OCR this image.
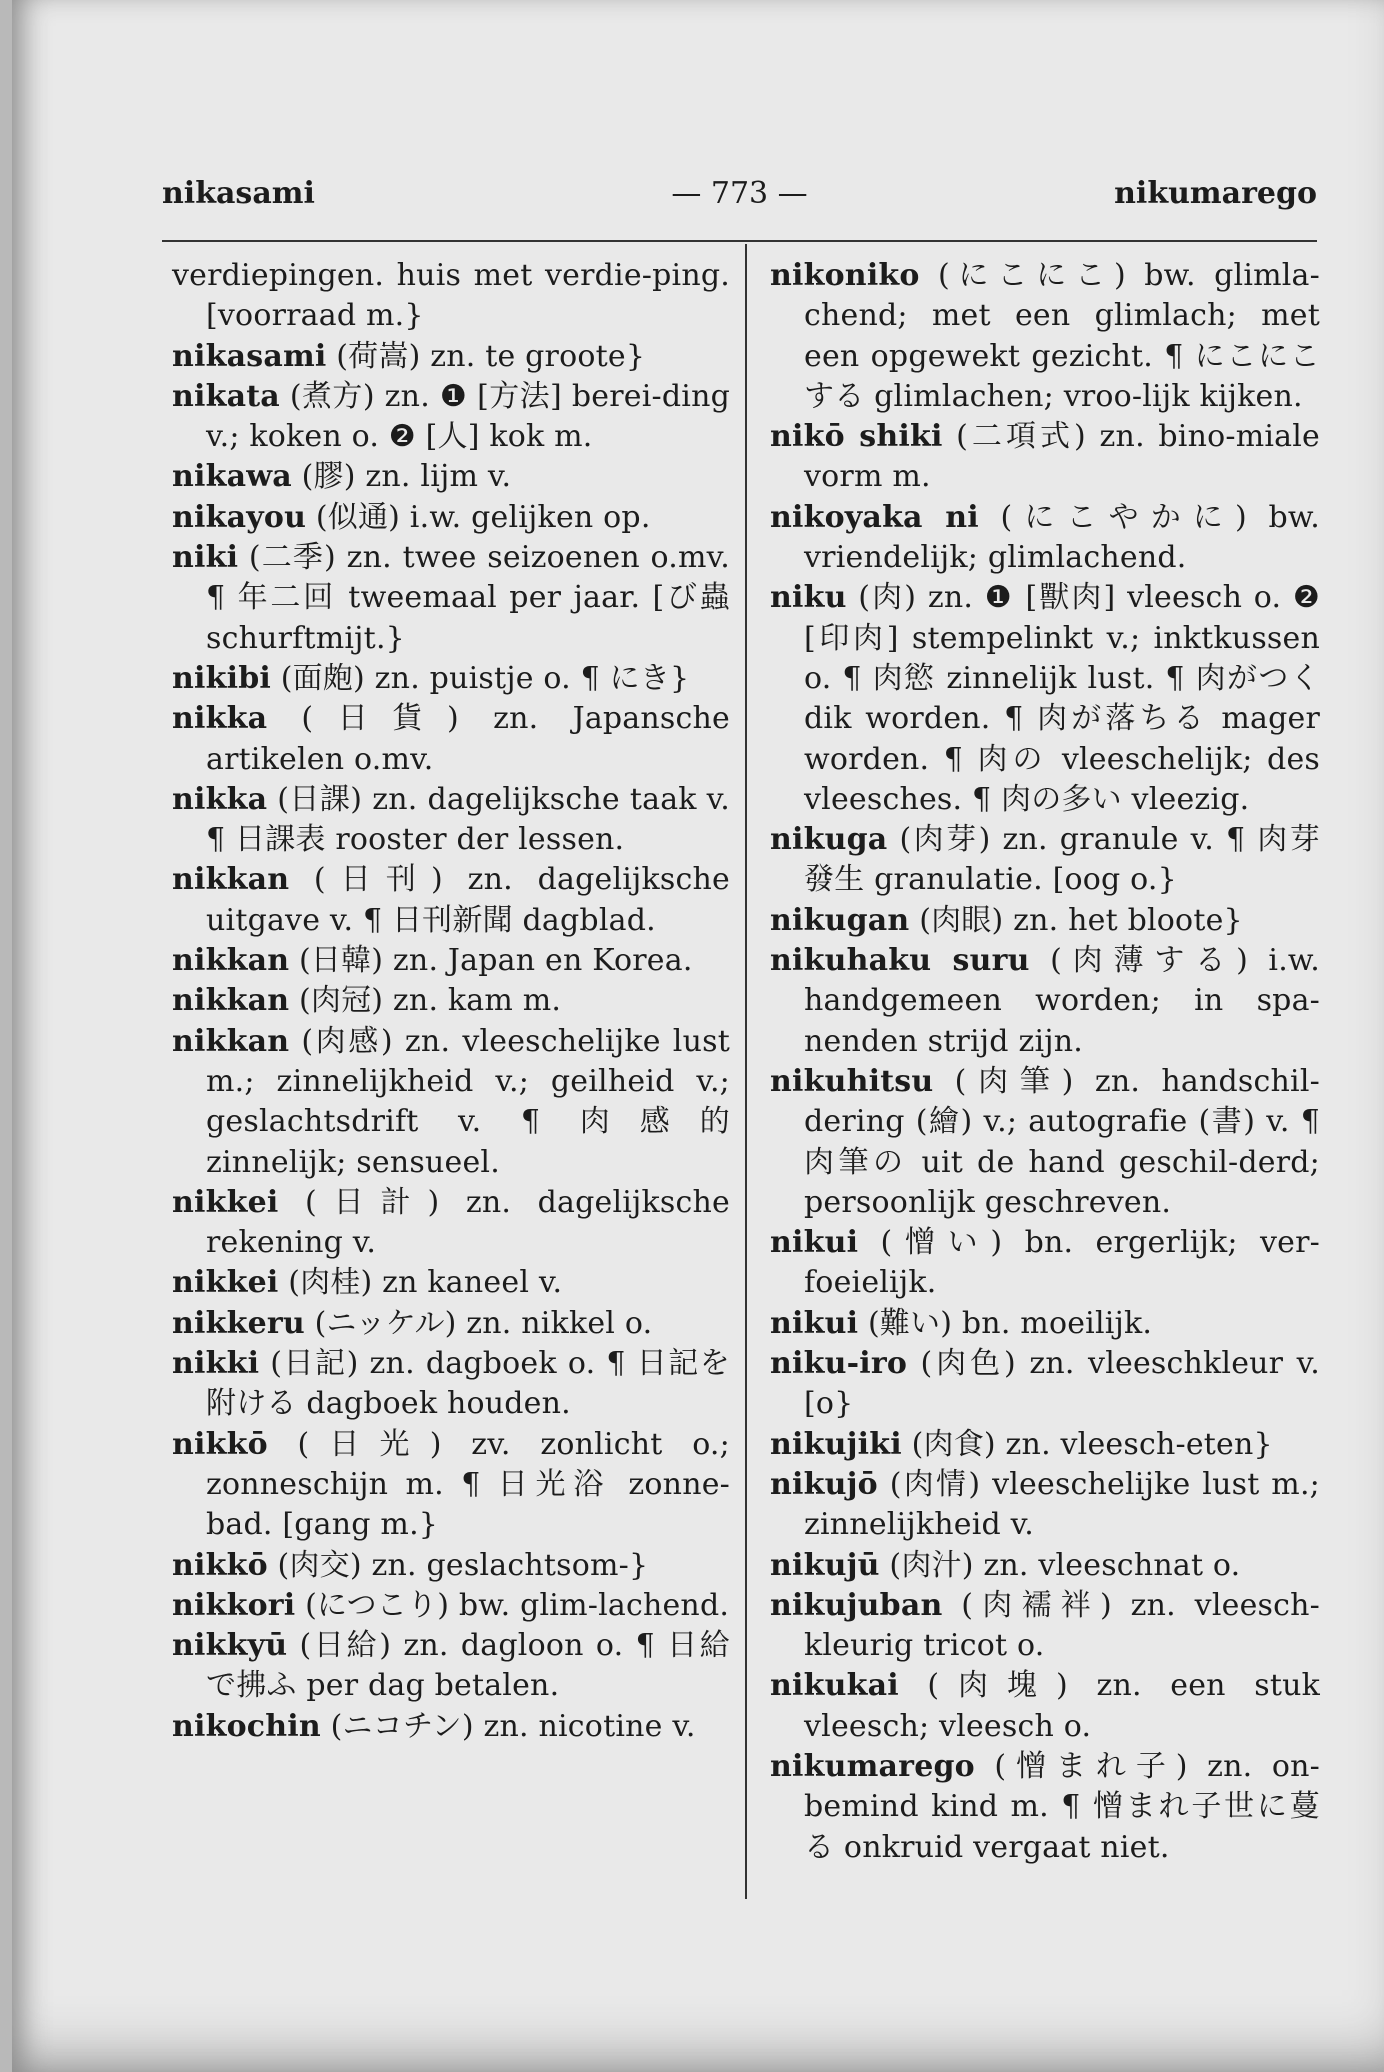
nikasami	— 773 —	nikumarego

verdiepingen. huis met verdie-ping. [voorraad m.}

nikasami (荷嵩) zn. te groote}

nikata (煮方) zn. ❶ [方法] berei-ding v.; koken o. ❷ [人] kok m.

nikawa (膠) zn. lijm v.

nikayou (似通) i.w. gelijken op.

niki (二季) zn. twee seizoenen o.mv. ¶ 年二回 tweemaal per jaar. [び蟲 schurftmijt.}

nikibi (面皰) zn. puistje o. ¶ にき}

nikka (日貨) zn. Japansche artikelen o.mv.

nikka (日課) zn. dagelijksche taak v. ¶ 日課表 rooster der lessen.

nikkan (日刊) zn. dagelijksche uitgave v. ¶ 日刊新聞 dagblad.

nikkan (日韓) zn. Japan en Korea.

nikkan (肉冠) zn. kam m.

nikkan (肉感) zn. vleeschelijke lust m.; zinnelijkheid v.; geilheid v.; geslachtsdrift v. ¶ 肉感的 zinnelijk; sensueel.

nikkei (日計) zn. dagelijksche rekening v.

nikkei (肉桂) zn kaneel v.

nikkeru (ニッケル) zn. nikkel o.

nikki (日記) zn. dagboek o. ¶ 日記を附ける dagboek houden.

nikkō (日光) zv. zonlicht o.; zonneschijn m. ¶ 日光浴 zonne-bad. [gang m.}

nikkō (肉交) zn. geslachtsom-}

nikkori (につこり) bw. glim-lachend.

nikkyū (日給) zn. dagloon o. ¶ 日給で拂ふ per dag betalen.

nikochin (ニコチン) zn. nicotine v.

nikoniko (にこにこ) bw. glimla-chend; met een glimlach; met een opgewekt gezicht. ¶ にこにこする glimlachen; vroo-lijk kijken.

nikō shiki (二項式) zn. bino-miale vorm m.

nikoyaka ni (にこやかに) bw. vriendelijk; glimlachend.

niku (肉) zn. ❶ [獸肉] vleesch o. ❷ [印肉] stempelinkt v.; inktkussen o. ¶ 肉慾 zinnelijk lust. ¶ 肉がつく dik worden. ¶ 肉が落ちる mager worden. ¶ 肉の vleeschelijk; des vleesches. ¶ 肉の多い vleezig.

nikuga (肉芽) zn. granule v. ¶ 肉芽發生 granulatie. [oog o.}

nikugan (肉眼) zn. het bloote}

nikuhaku suru (肉薄する) i.w. handgemeen worden; in spa-nenden strijd zijn.

nikuhitsu (肉筆) zn. handschil-dering (繪) v.; autografie (書) v. ¶ 肉筆の uit de hand geschil-derd; persoonlijk geschreven.

nikui (憎い) bn. ergerlijk; ver-foeielijk.

nikui (難い) bn. moeilijk.

niku-iro (肉色) zn. vleeschkleur v. [o}

nikujiki (肉食) zn. vleesch-eten}

nikujō (肉情) vleeschelijke lust m.; zinnelijkheid v.

nikujū (肉汁) zn. vleeschnat o.

nikujuban (肉襦袢) zn. vleesch-kleurig tricot o.

nikukai (肉塊) zn. een stuk vleesch; vleesch o.

nikumarego (憎まれ子) zn. on-bemind kind m. ¶ 憎まれ子世に蔓る onkruid vergaat niet.
